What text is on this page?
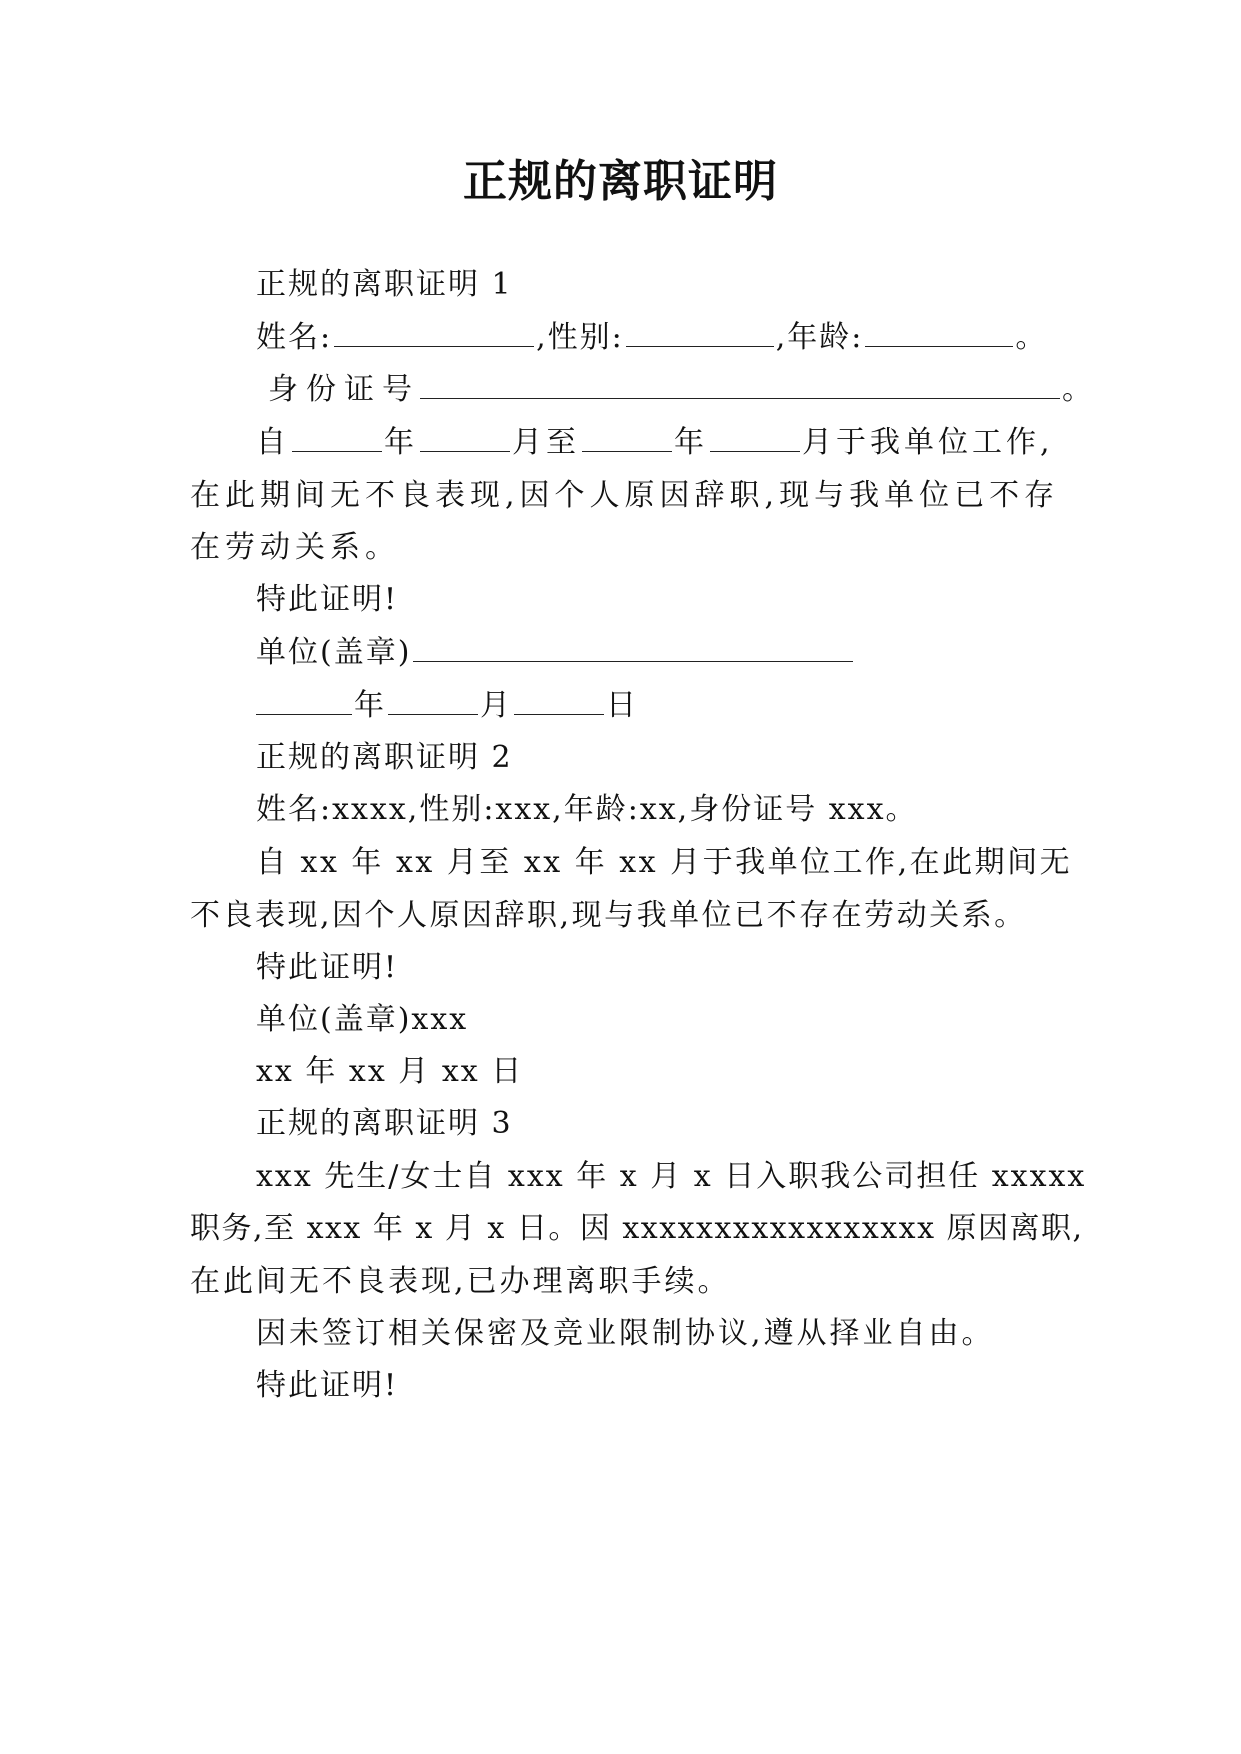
正规的离职证明
正规的离职证明 1
姓名:	,性别:	,年龄:	。
身份证号	。
自	年	月至	年	月于我单位工作,
在此期间无不良表现,因个人原因辞职,现与我单位已不存
在劳动关系。
特此证明!
单位(盖章)
年	月	日
正规的离职证明 2
姓名:xxxx,性别:xxx,年龄:xx,身份证号 xxx。
自 xx 年 xx 月至 xx 年 xx 月于我单位工作,在此期间无
不良表现,因个人原因辞职,现与我单位已不存在劳动关系。
特此证明!
单位(盖章)xxx
xx 年 xx 月 xx 日
正规的离职证明 3
xxx 先生/女士自 xxx 年 x 月 x 日入职我公司担任 xxxxx
职务,至 xxx 年 x 月 x 日。因 xxxxxxxxxxxxxxxxx 原因离职,
在此间无不良表现,已办理离职手续。
因未签订相关保密及竞业限制协议,遵从择业自由。
特此证明!
